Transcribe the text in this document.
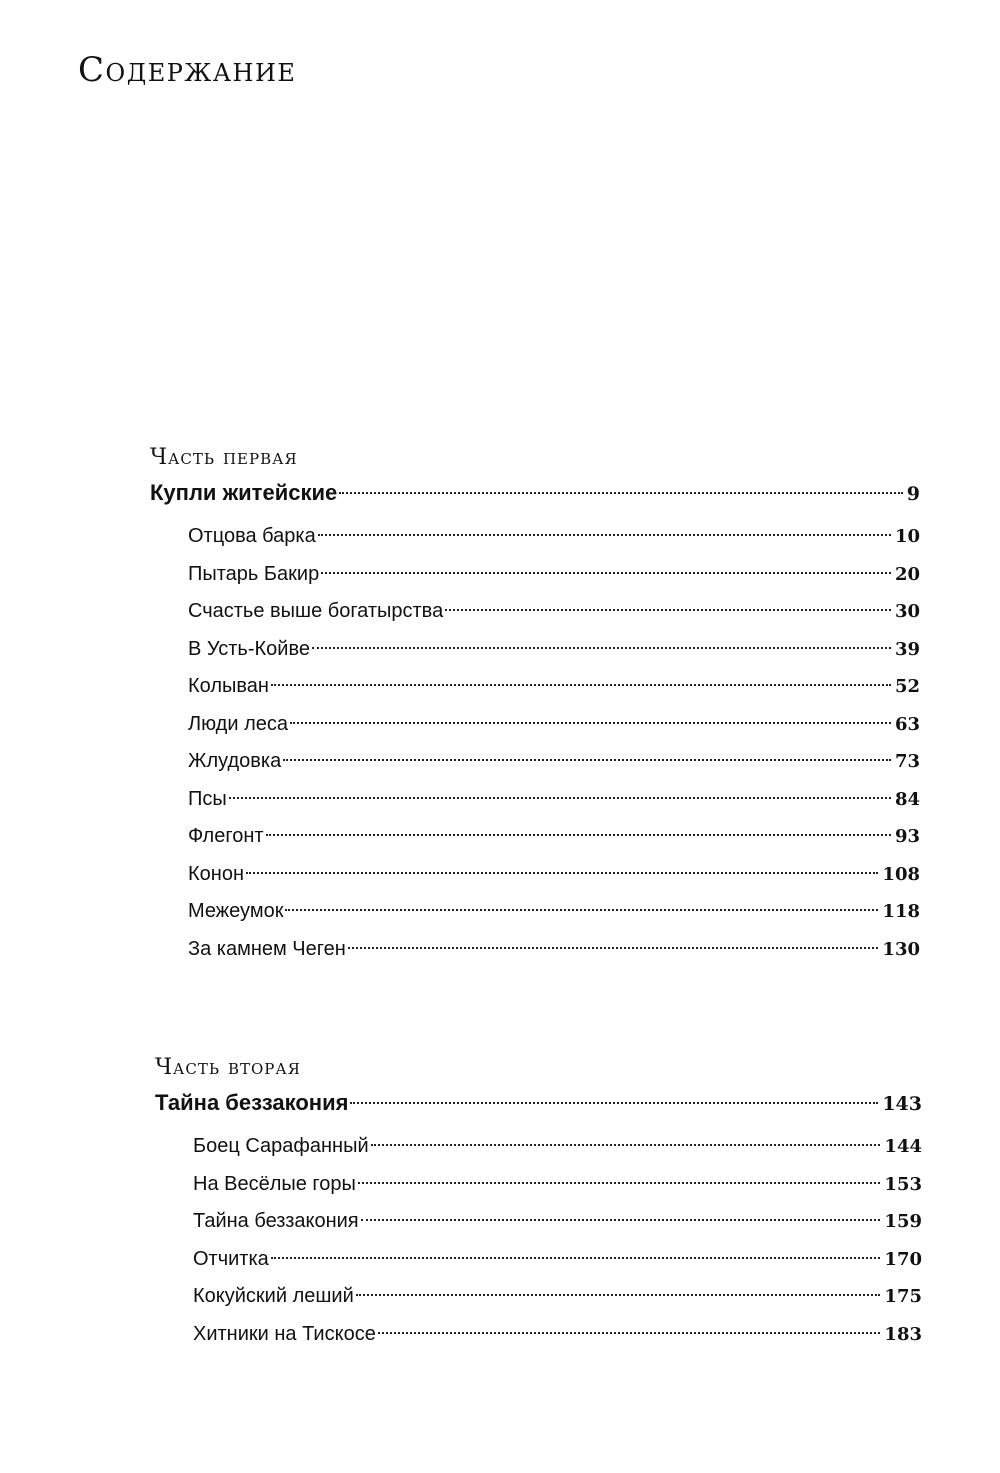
Содержание
Часть первая
Купли житейские	9
Отцова барка	10
Пытарь Бакир	20
Счастье выше богатырства	30
В Усть-Койве	39
Колыван	52
Люди леса	63
Жлудовка	73
Псы	84
Флегонт	93
Конон	108
Межеумок	118
За камнем Чеген	130
Часть вторая
Тайна беззакония	143
Боец Сарафанный	144
На Весёлые горы	153
Тайна беззакония	159
Отчитка	170
Кокуйский леший	175
Хитники на Тискосе	183
